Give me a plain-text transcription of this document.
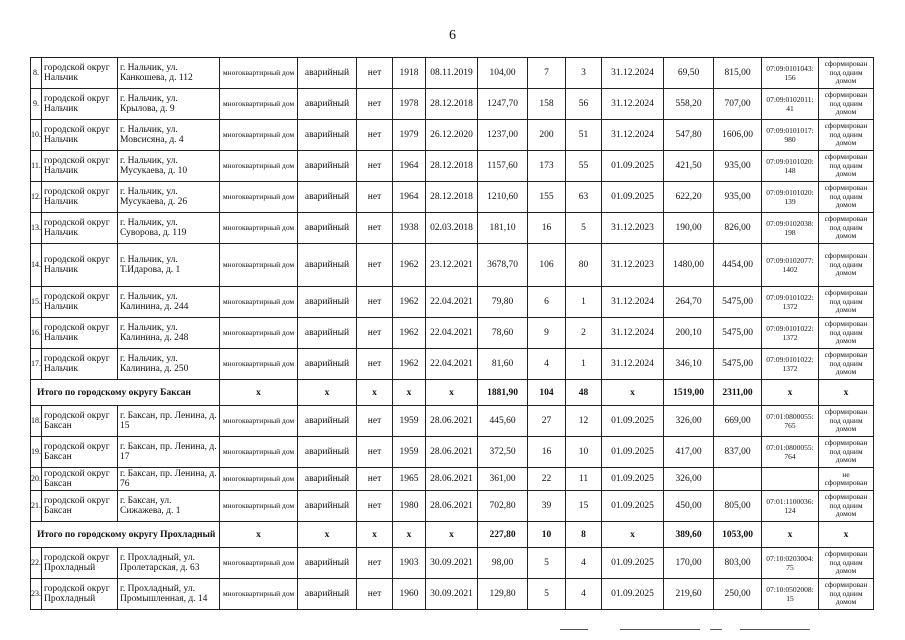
6
8.	городской округ Нальчик	г. Нальчик, ул. Канкошева, д. 112	многоквартирный дом	аварийный	нет	1918	08.11.2019	104,00	7	3	31.12.2024	69,50	815,00	07:09:0101043: 156	сформирован под одним домом
9.	городской округ Нальчик	г. Нальчик, ул. Крылова, д. 9	многоквартирный дом	аварийный	нет	1978	28.12.2018	1247,70	158	56	31.12.2024	558,20	707,00	07:09:0102011: 41	сформирован под одним домом
10.	городской округ Нальчик	г. Нальчик, ул. Мовсисяна, д. 4	многоквартирный дом	аварийный	нет	1979	26.12.2020	1237,00	200	51	31.12.2024	547,80	1606,00	07:09:0101017: 980	сформирован под одним домом
11.	городской округ Нальчик	г. Нальчик, ул. Мусукаева, д. 10	многоквартирный дом	аварийный	нет	1964	28.12.2018	1157,60	173	55	01.09.2025	421,50	935,00	07:09:0101020: 148	сформирован под одним домом
12.	городской округ Нальчик	г. Нальчик, ул. Мусукаева, д. 26	многоквартирный дом	аварийный	нет	1964	28.12.2018	1210,60	155	63	01.09.2025	622,20	935,00	07:09:0101020: 139	сформирован под одним домом
13.	городской округ Нальчик	г. Нальчик, ул. Суворова, д. 119	многоквартирный дом	аварийный	нет	1938	02.03.2018	181,10	16	5	31.12.2023	190,00	826,00	07:09:0102038: 198	сформирован под одним домом
14.	городской округ Нальчик	г. Нальчик, ул. Т.Идарова, д. 1	многоквартирный дом	аварийный	нет	1962	23.12.2021	3678,70	106	80	31.12.2023	1480,00	4454,00	07:09:0102077: 1402	сформирован под одним домом
15.	городской округ Нальчик	г. Нальчик, ул. Калинина, д. 244	многоквартирный дом	аварийный	нет	1962	22.04.2021	79,80	6	1	31.12.2024	264,70	5475,00	07:09:0101022: 1372	сформирован под одним домом
16.	городской округ Нальчик	г. Нальчик, ул. Калинина, д. 248	многоквартирный дом	аварийный	нет	1962	22.04.2021	78,60	9	2	31.12.2024	200,10	5475,00	07:09:0101022: 1372	сформирован под одним домом
17.	городской округ Нальчик	г. Нальчик, ул. Калинина, д. 250	многоквартирный дом	аварийный	нет	1962	22.04.2021	81,60	4	1	31.12.2024	346,10	5475,00	07:09:0101022: 1372	сформирован под одним домом
Итого по городскому округу Баксан			x	x	x	x	x	1881,90	104	48	x	1519,00	2311,00	x	x
18.	городской округ Баксан	г. Баксан, пр. Ленина, д. 15	многоквартирный дом	аварийный	нет	1959	28.06.2021	445,60	27	12	01.09.2025	326,00	669,00	07:01:0800055: 765	сформирован под одним домом
19.	городской округ Баксан	г. Баксан, пр. Ленина, д. 17	многоквартирный дом	аварийный	нет	1959	28.06.2021	372,50	16	10	01.09.2025	417,00	837,00	07:01:0800055: 764	сформирован под одним домом
20.	городской округ Баксан	г. Баксан, пр. Ленина, д. 76	многоквартирный дом	аварийный	нет	1965	28.06.2021	361,00	22	11	01.09.2025	326,00			не сформирован
21.	городской округ Баксан	г. Баксан, ул. Сижажева, д. 1	многоквартирный дом	аварийный	нет	1980	28.06.2021	702,80	39	15	01.09.2025	450,00	805,00	07:01:1100036: 124	сформирован под одним домом
Итого по городскому округу Прохладный			x	x	x	x	x	227,80	10	8	x	389,60	1053,00	x	x
22.	городской округ Прохладный	г. Прохладный, ул. Пролетарская, д. 63	многоквартирный дом	аварийный	нет	1903	30.09.2021	98,00	5	4	01.09.2025	170,00	803,00	07:10:0203004: 75	сформирован под одним домом
23.	городской округ Прохладный	г. Прохладный, ул. Промышленная, д. 14	многоквартирный дом	аварийный	нет	1960	30.09.2021	129,80	5	4	01.09.2025	219,60	250,00	07:10:0502008: 15	сформирован под одним домом
